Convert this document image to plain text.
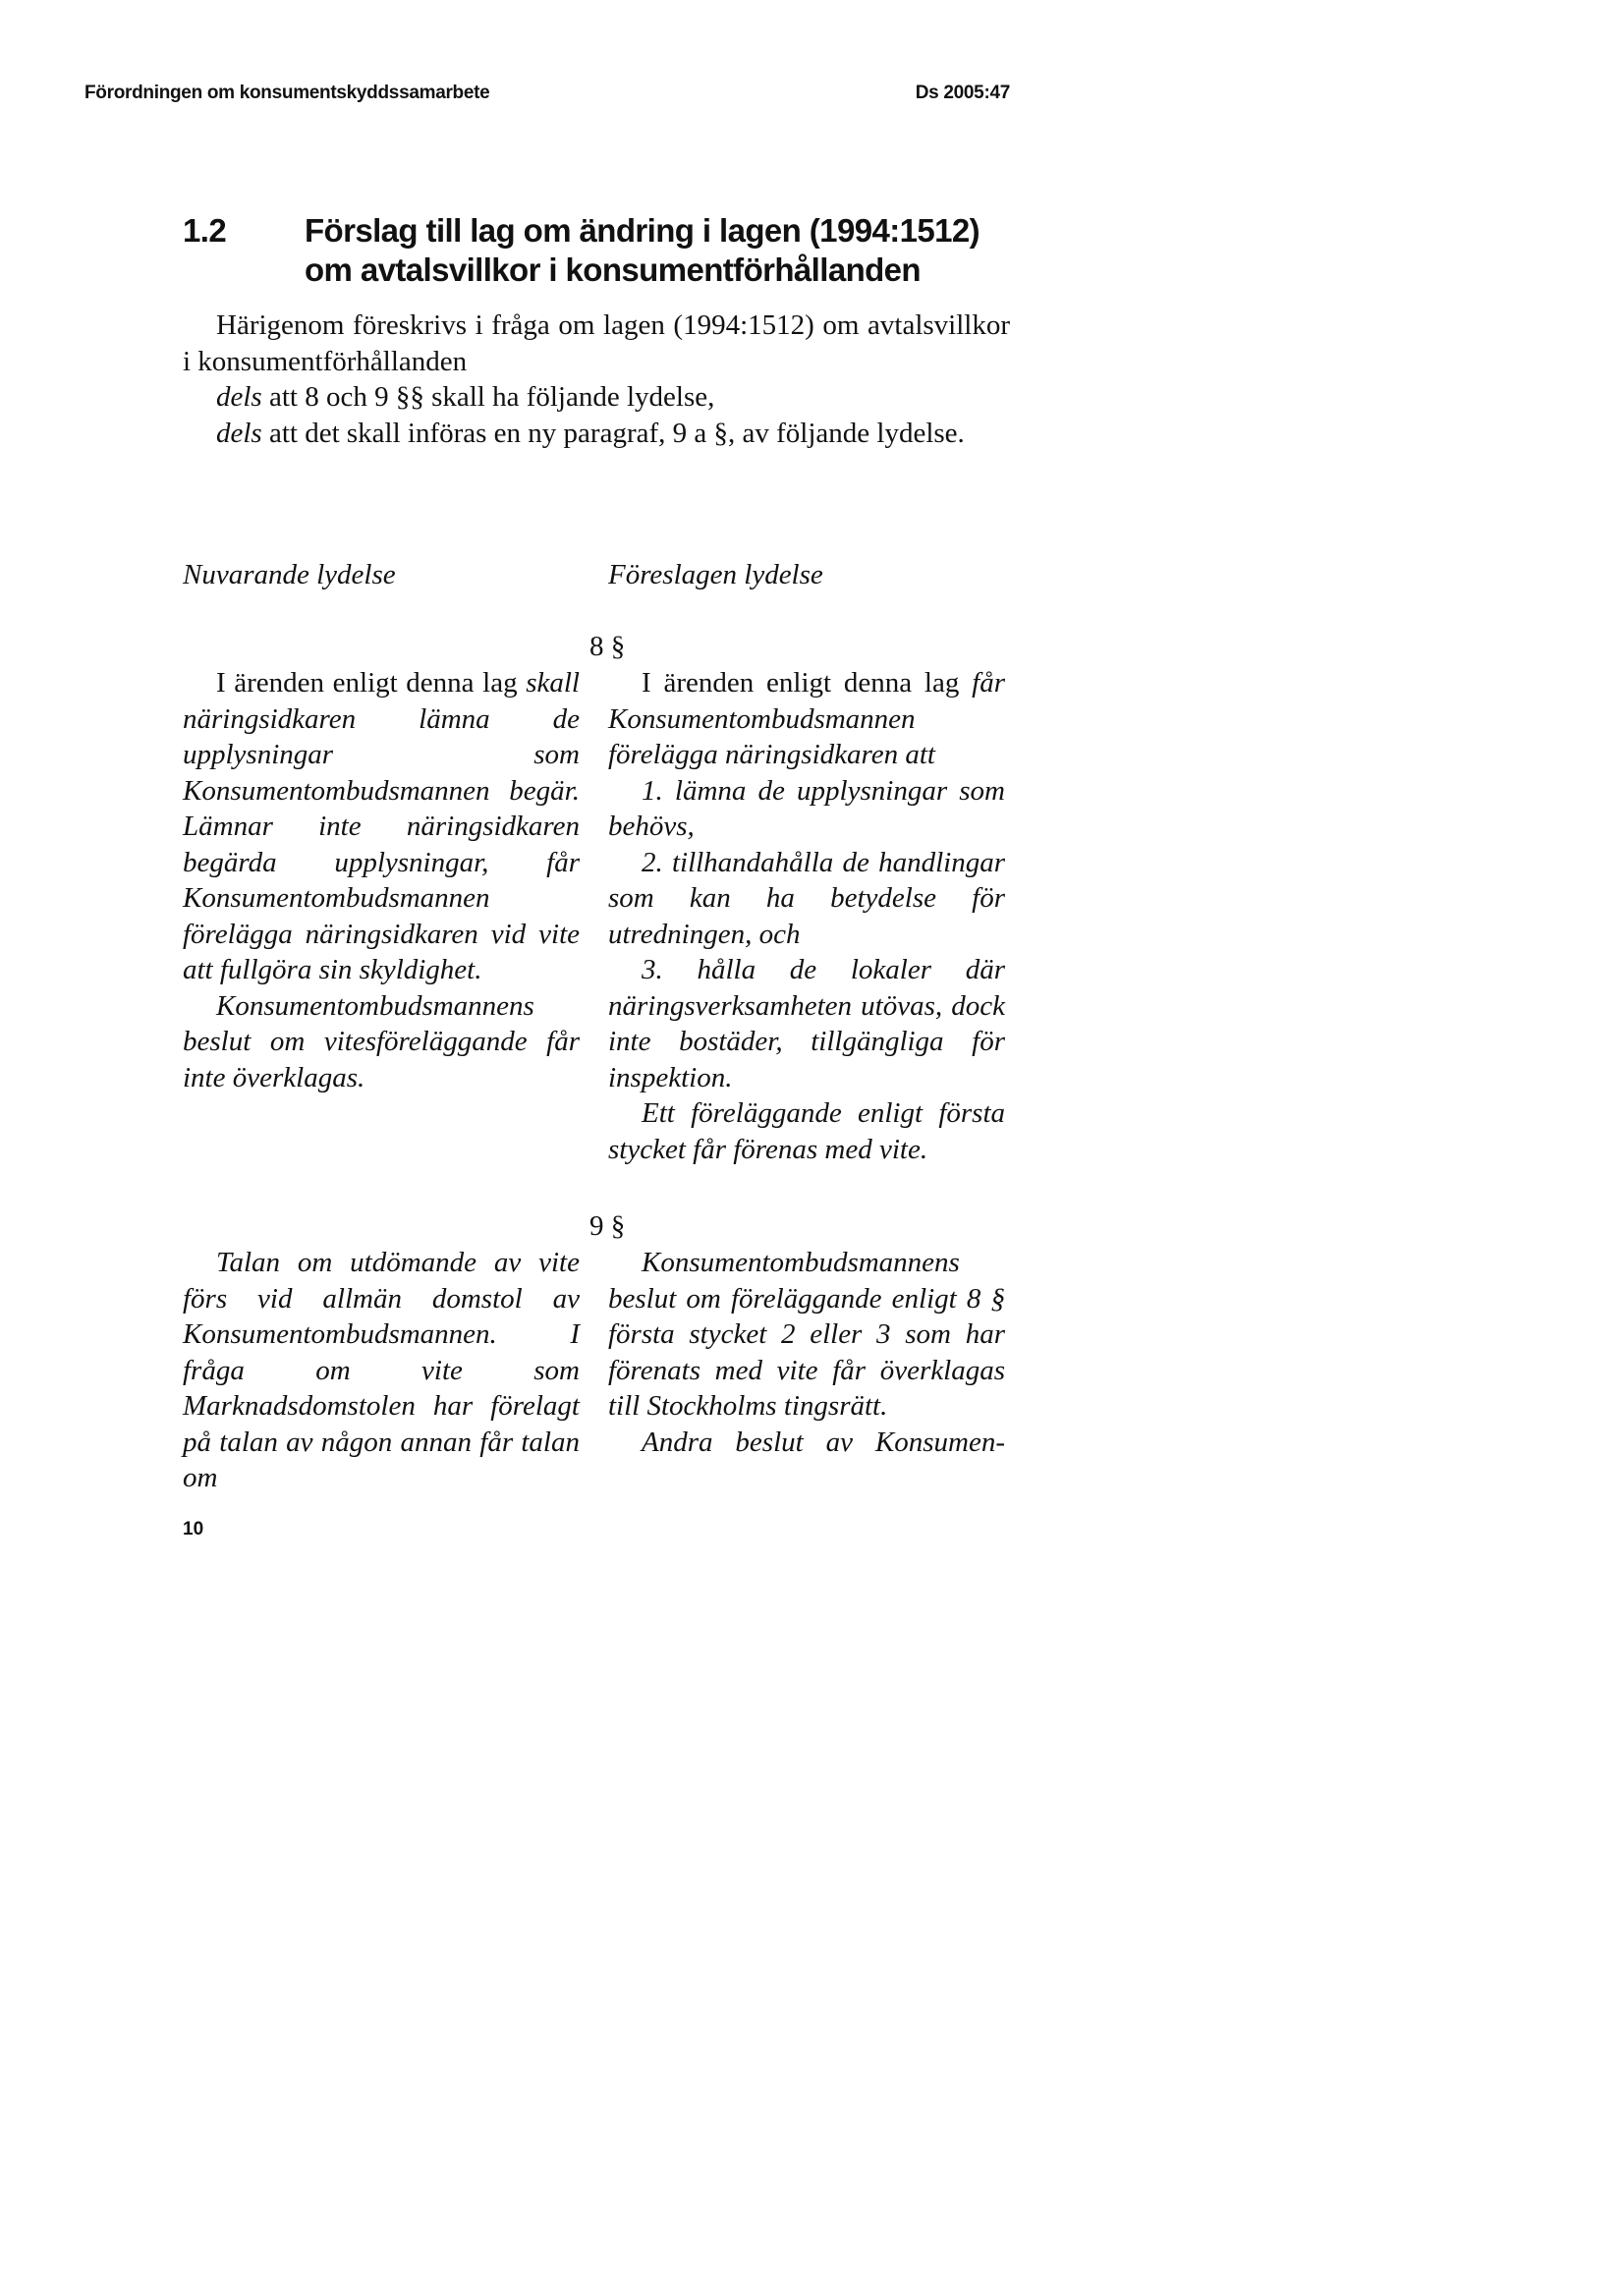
Förordningen om konsumentskyddssamarbete	Ds 2005:47
1.2 Förslag till lag om ändring i lagen (1994:1512) om avtalsvillkor i konsumentförhållanden

Härigenom föreskrivs i fråga om lagen (1994:1512) om avtalsvillkor i konsumentförhållanden

dels att 8 och 9 §§ skall ha följande lydelse,

dels att det skall införas en ny paragraf, 9 a §, av följande lydelse.

Nuvarande lydelse	Föreslagen lydelse
8 §

I ärenden enligt denna lag skall näringsidkaren lämna de upplysningar som Konsumentombudsmannen begär. Lämnar inte näringsidkaren begärda upplysningar, får Konsumentombudsmannen förelägga näringsidkaren vid vite att fullgöra sin skyldighet.

Konsumentombudsmannens beslut om vitesföreläggande får inte överklagas.

I ärenden enligt denna lag får Konsumentombudsmannen förelägga näringsidkaren att

1. lämna de upplysningar som behövs,

2. tillhandahålla de handlingar som kan ha betydelse för utredningen, och

3. hålla de lokaler där näringsverksamheten utövas, dock inte bostäder, tillgängliga för inspektion.

Ett föreläggande enligt första stycket får förenas med vite.

9 §

Talan om utdömande av vite förs vid allmän domstol av Konsumentombudsmannen. I fråga om vite som Marknadsdomstolen har förelagt på talan av någon annan får talan om

Konsumentombudsmannens beslut om föreläggande enligt 8 § första stycket 2 eller 3 som har förenats med vite får överklagas till Stockholms tingsrätt.

Andra beslut av Konsumen-

10
